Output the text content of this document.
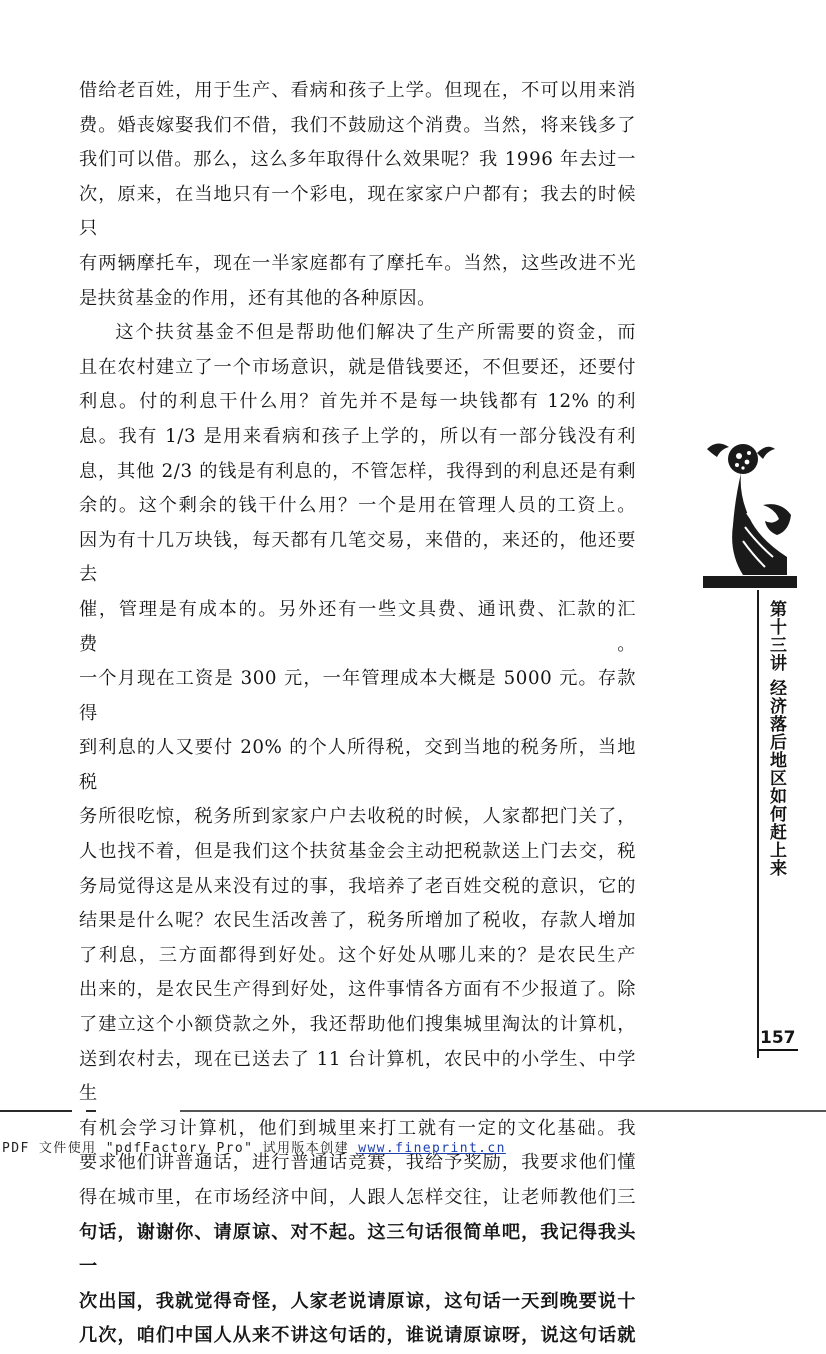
借给老百姓，用于生产、看病和孩子上学。但现在，不可以用来消

费。婚丧嫁娶我们不借，我们不鼓励这个消费。当然，将来钱多了

我们可以借。那么，这么多年取得什么效果呢？我 1996 年去过一

次，原来，在当地只有一个彩电，现在家家户户都有；我去的时候只

有两辆摩托车，现在一半家庭都有了摩托车。当然，这些改进不光

是扶贫基金的作用，还有其他的各种原因。

这个扶贫基金不但是帮助他们解决了生产所需要的资金，而

且在农村建立了一个市场意识，就是借钱要还，不但要还，还要付

利息。付的利息干什么用？首先并不是每一块钱都有 12% 的利

息。我有 1/3 是用来看病和孩子上学的，所以有一部分钱没有利

息，其他 2/3 的钱是有利息的，不管怎样，我得到的利息还是有剩

余的。这个剩余的钱干什么用？一个是用在管理人员的工资上。

因为有十几万块钱，每天都有几笔交易，来借的，来还的，他还要去

催，管理是有成本的。另外还有一些文具费、通讯费、汇款的汇费。

一个月现在工资是 300 元，一年管理成本大概是 5000 元。存款得

到利息的人又要付 20% 的个人所得税，交到当地的税务所，当地税

务所很吃惊，税务所到家家户户去收税的时候，人家都把门关了，

人也找不着，但是我们这个扶贫基金会主动把税款送上门去交，税

务局觉得这是从来没有过的事，我培养了老百姓交税的意识，它的

结果是什么呢？农民生活改善了，税务所增加了税收，存款人增加

了利息，三方面都得到好处。这个好处从哪儿来的？是农民生产

出来的，是农民生产得到好处，这件事情各方面有不少报道了。除

了建立这个小额贷款之外，我还帮助他们搜集城里淘汰的计算机，

送到农村去，现在已送去了 11 台计算机，农民中的小学生、中学生

有机会学习计算机，他们到城里来打工就有一定的文化基础。我

要求他们讲普通话，进行普通话竞赛，我给予奖励，我要求他们懂

得在城市里，在市场经济中间，人跟人怎样交往，让老师教他们三

句话，谢谢你、请原谅、对不起。这三句话很简单吧，我记得我头一

次出国，我就觉得奇怪，人家老说请原谅，这句话一天到晚要说十

几次，咱们中国人从来不讲这句话的，谁说请原谅呀，说这句话就

第十三讲 经济落后地区如何赶上来
157
PDF 文件使用 "pdfFactory Pro" 试用版本创建 www.fineprint.cn
